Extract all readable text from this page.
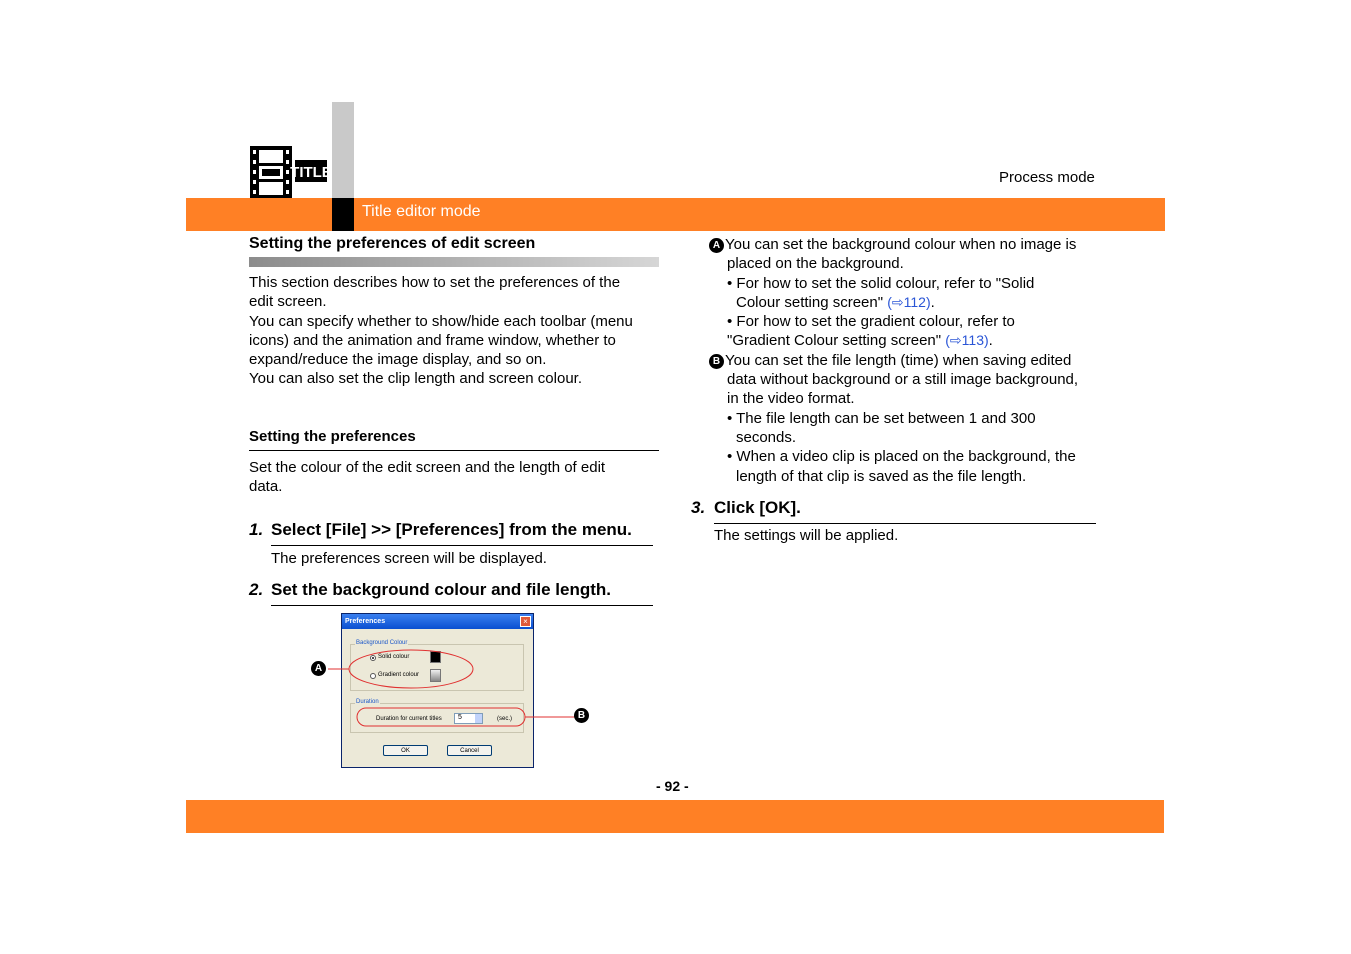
TITLE	Process mode
Title editor mode
Setting the preferences of edit screen
This section describes how to set the preferences of the
edit screen.
You can specify whether to show/hide each toolbar (menu
icons) and the animation and frame window, whether to
expand/reduce the image display, and so on.
You can also set the clip length and screen colour.
Setting the preferences
Set the colour of the edit screen and the length of edit
data.
1. Select [File] >> [Preferences] from the menu.
The preferences screen will be displayed.
2. Set the background colour and file length.
Preferences	×
Background Colour
Solid colour
Gradient colour
Duration
Duration for current titles 5	(sec.)
OK	Cancel
A
B
A You can set the background colour when no image is
placed on the background.
• For how to set the solid colour, refer to "Solid
Colour setting screen" (⇨112).
• For how to set the gradient colour, refer to
"Gradient Colour setting screen" (⇨113).
B You can set the file length (time) when saving edited
data without background or a still image background,
in the video format.
• The file length can be set between 1 and 300
seconds.
• When a video clip is placed on the background, the
length of that clip is saved as the file length.
3. Click [OK].
The settings will be applied.
- 92 -
